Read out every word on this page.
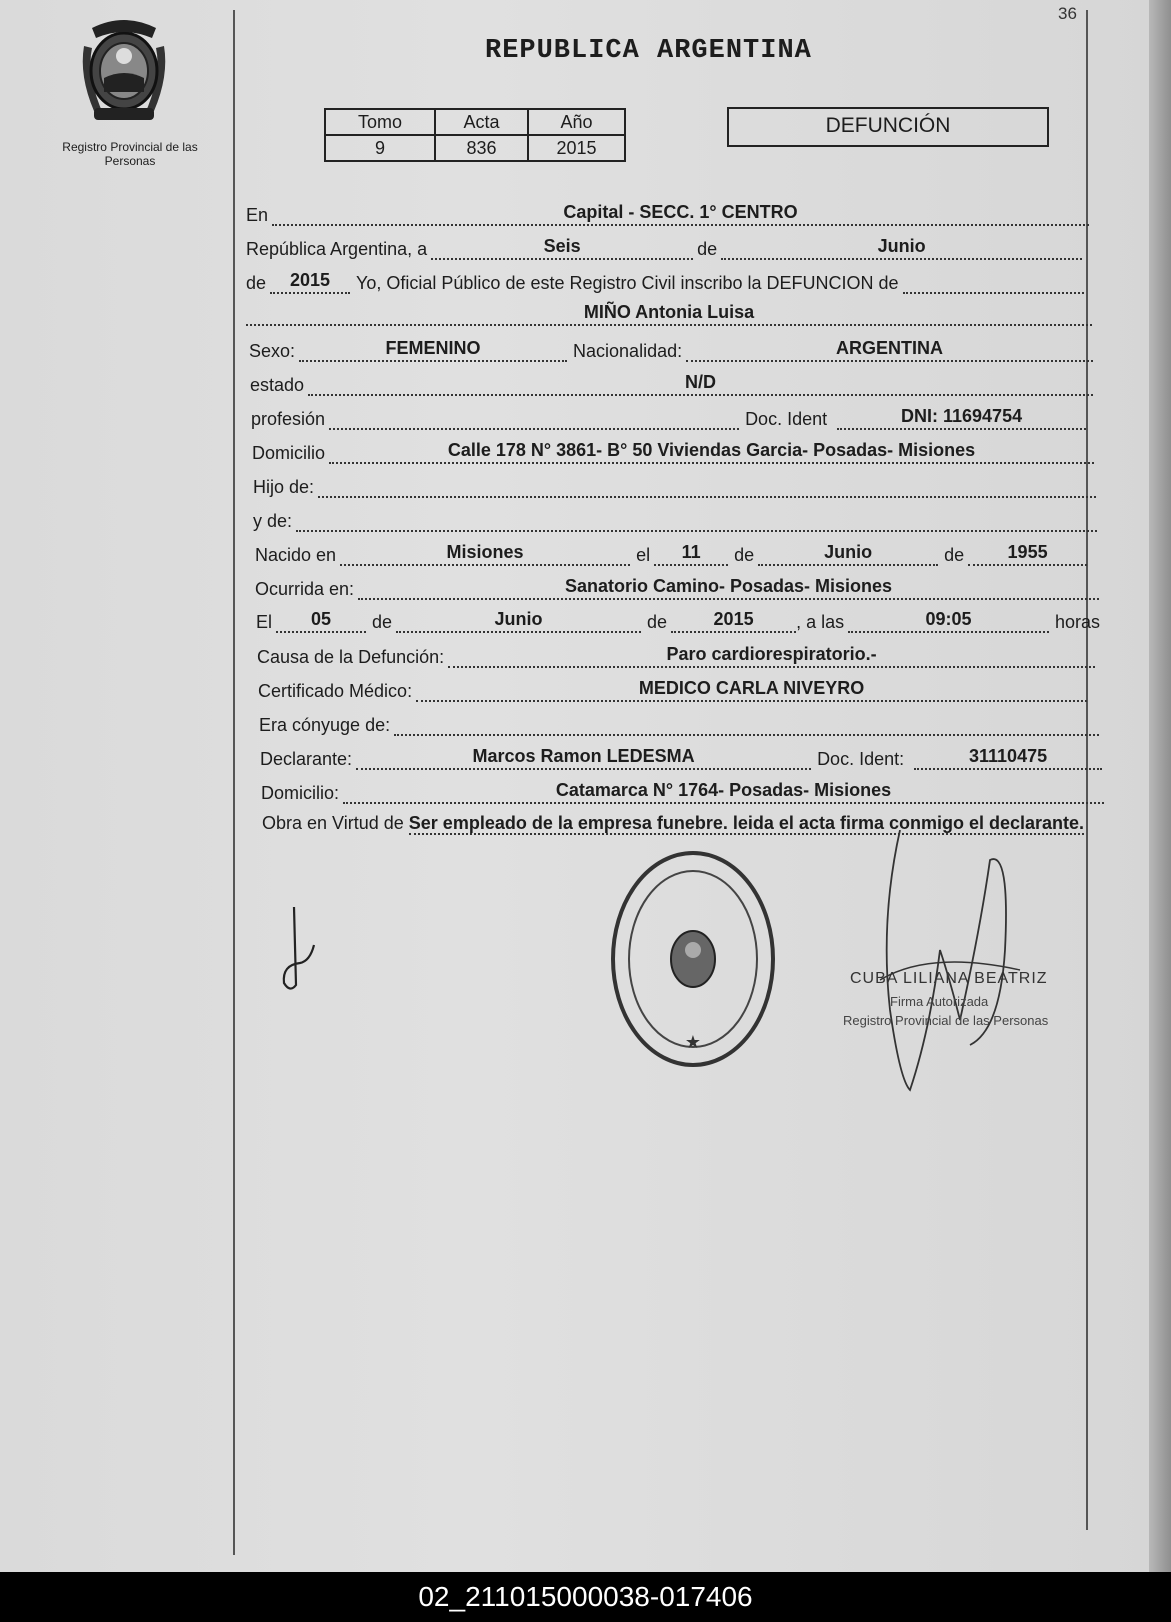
36
Registro Provincial de las Personas
REPUBLICA ARGENTINA
Tomo	Acta	Año
9	836	2015
DEFUNCIÓN
En	Capital - SECC. 1° CENTRO
República Argentina, a	Seis	de	Junio
de	2015	Yo, Oficial Público de este Registro Civil inscribo la DEFUNCION de
MIÑO Antonia Luisa
Sexo:	FEMENINO	Nacionalidad:	ARGENTINA
estado	N/D
profesión	Doc. Ident	DNI: 11694754
Domicilio	Calle 178 N° 3861- B° 50 Viviendas Garcia- Posadas- Misiones
Hijo de:
y de:
Nacido en	Misiones	el	11	de	Junio	de	1955
Ocurrida en:	Sanatorio Camino- Posadas- Misiones
El	05	de	Junio	de	2015	, a las	09:05	horas
Causa de la Defunción:	Paro cardiorespiratorio.-
Certificado Médico:	MEDICO CARLA NIVEYRO
Era cónyuge de:
Declarante:	Marcos Ramon LEDESMA	Doc. Ident:	31110475
Domicilio:	Catamarca N° 1764- Posadas- Misiones
Obra en Virtud de Ser empleado de la empresa funebre. leida el acta firma conmigo el declarante.
★
CUBA LILIANA BEATRIZ
Firma Autorizada
Registro Provincial de las Personas
02_211015000038-017406
